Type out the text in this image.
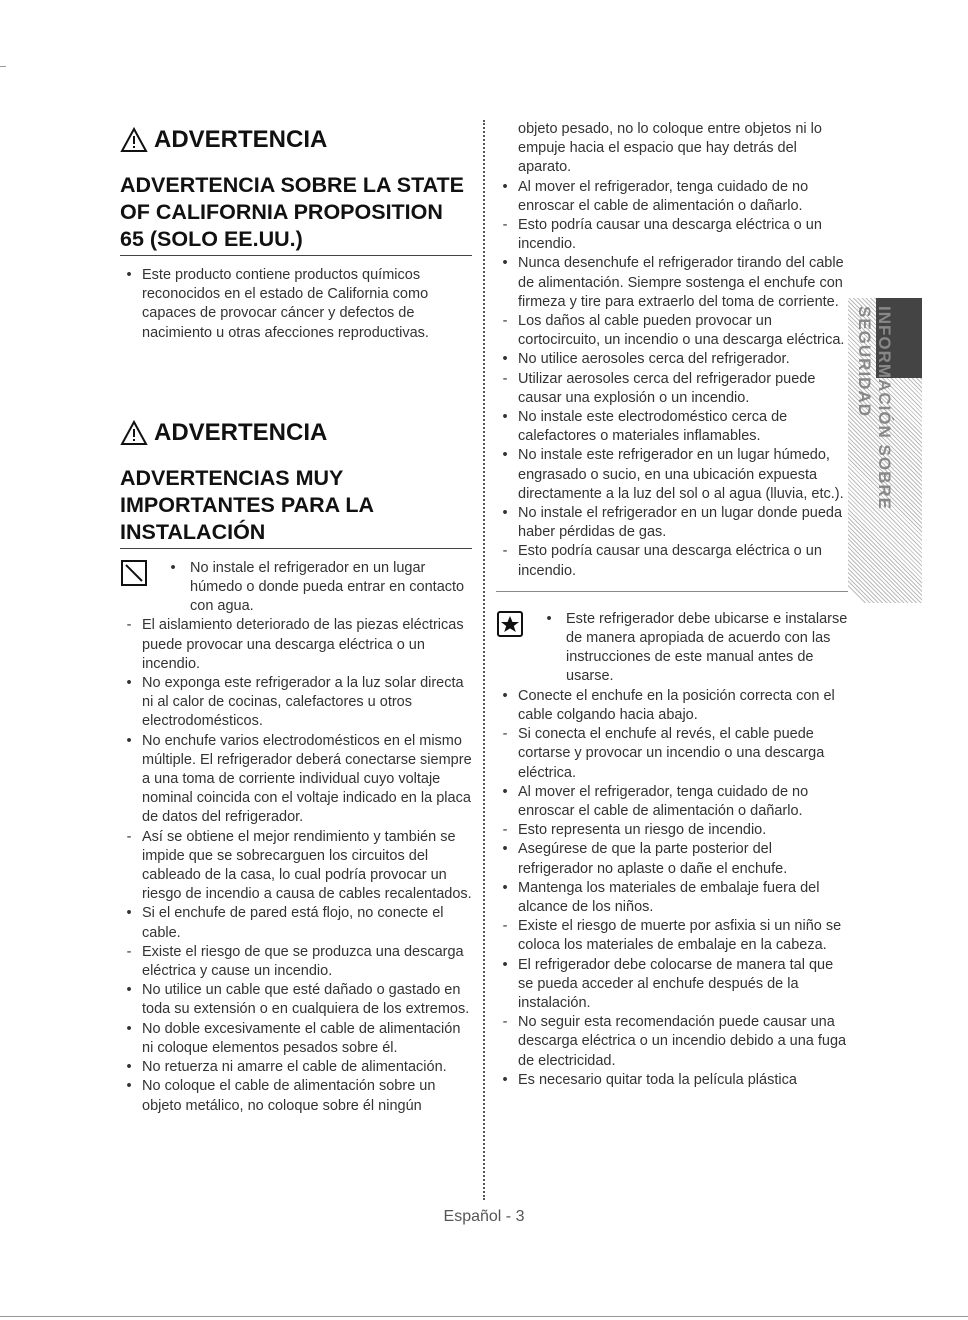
ADVERTENCIA
ADVERTENCIA SOBRE LA STATE OF CALIFORNIA PROPOSITION 65 (SOLO EE.UU.)
• Este producto contiene productos químicos reconocidos en el estado de California como capaces de provocar cáncer y defectos de nacimiento u otras afecciones reproductivas.
ADVERTENCIA
ADVERTENCIAS MUY IMPORTANTES PARA LA INSTALACIÓN
• No instale el refrigerador en un lugar húmedo o donde pueda entrar en contacto con agua.
- El aislamiento deteriorado de las piezas eléctricas puede provocar una descarga eléctrica o un incendio.
• No exponga este refrigerador a la luz solar directa ni al calor de cocinas, calefactores u otros electrodomésticos.
• No enchufe varios electrodomésticos en el mismo múltiple. El refrigerador deberá conectarse siempre a una toma de corriente individual cuyo voltaje nominal coincida con el voltaje indicado en la placa de datos del refrigerador.
- Así se obtiene el mejor rendimiento y también se impide que se sobrecarguen los circuitos del cableado de la casa, lo cual podría provocar un riesgo de incendio a causa de cables recalentados.
• Si el enchufe de pared está flojo, no conecte el cable.
- Existe el riesgo de que se produzca una descarga eléctrica y cause un incendio.
• No utilice un cable que esté dañado o gastado en toda su extensión o en cualquiera de los extremos.
• No doble excesivamente el cable de alimentación ni coloque elementos pesados sobre él.
• No retuerza ni amarre el cable de alimentación.
• No coloque el cable de alimentación sobre un objeto metálico, no coloque sobre él ningún
objeto pesado, no lo coloque entre objetos ni lo empuje hacia el espacio que hay detrás del aparato.
• Al mover el refrigerador, tenga cuidado de no enroscar el cable de alimentación o dañarlo.
- Esto podría causar una descarga eléctrica o un incendio.
• Nunca desenchufe el refrigerador tirando del cable de alimentación. Siempre sostenga el enchufe con firmeza y tire para extraerlo del toma de corriente.
- Los daños al cable pueden provocar un cortocircuito, un incendio o una descarga eléctrica.
• No utilice aerosoles cerca del refrigerador.
- Utilizar aerosoles cerca del refrigerador puede causar una explosión o un incendio.
• No instale este electrodoméstico cerca de calefactores o materiales inflamables.
• No instale este refrigerador en un lugar húmedo, engrasado o sucio, en una ubicación expuesta directamente a la luz del sol o al agua (lluvia, etc.).
• No instale el refrigerador en un lugar donde pueda haber pérdidas de gas.
- Esto podría causar una descarga eléctrica o un incendio.
• Este refrigerador debe ubicarse e instalarse de manera apropiada de acuerdo con las instrucciones de este manual antes de usarse.
• Conecte el enchufe en la posición correcta con el cable colgando hacia abajo.
- Si conecta el enchufe al revés, el cable puede cortarse y provocar un incendio o una descarga eléctrica.
• Al mover el refrigerador, tenga cuidado de no enroscar el cable de alimentación o dañarlo.
- Esto representa un riesgo de incendio.
• Asegúrese de que la parte posterior del refrigerador no aplaste o dañe el enchufe.
• Mantenga los materiales de embalaje fuera del alcance de los niños.
- Existe el riesgo de muerte por asfixia si un niño se coloca los materiales de embalaje en la cabeza.
• El refrigerador debe colocarse de manera tal que se pueda acceder al enchufe después de la instalación.
- No seguir esta recomendación puede causar una descarga eléctrica o un incendio debido a una fuga de electricidad.
• Es necesario quitar toda la película plástica
INFORMACIÓN SOBRE SEGURIDAD
Español - 3
